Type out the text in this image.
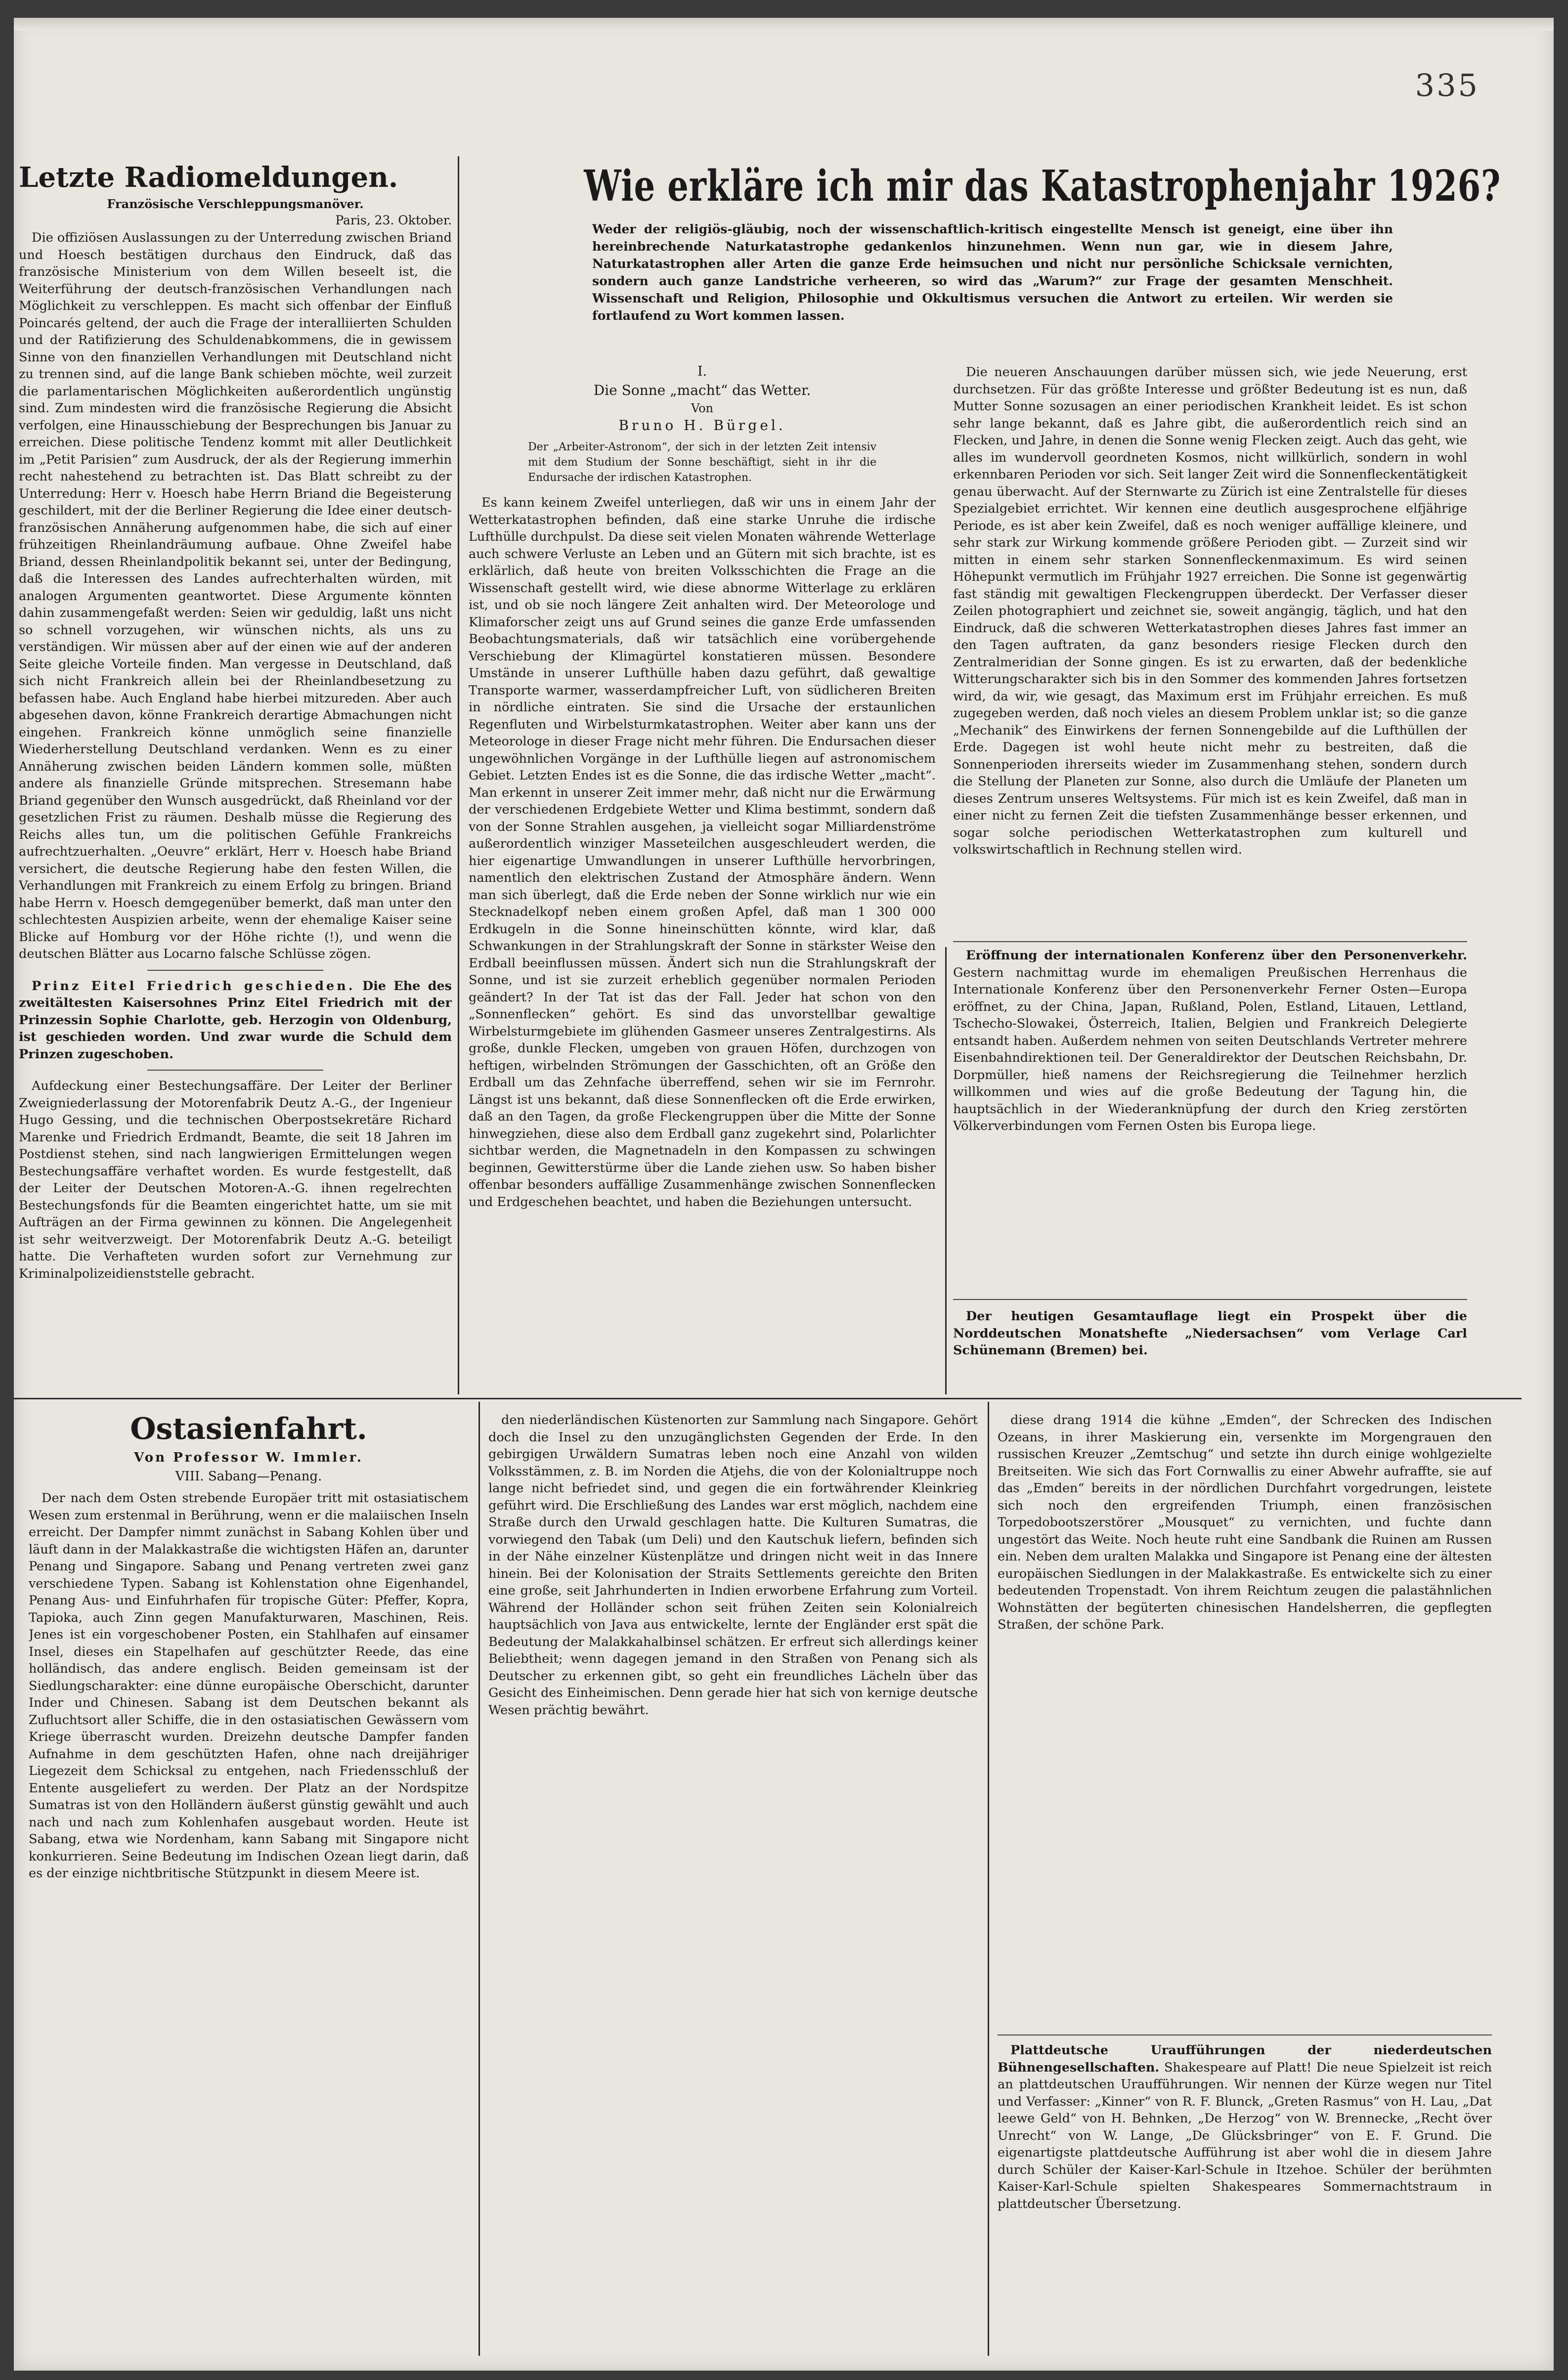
335
Letzte Radiomeldungen.
Französische Verschleppungsmanöver.
Paris, 23. Oktober.

Die offiziösen Auslassungen zu der Unterredung zwischen Briand und Hoesch bestätigen durchaus den Eindruck, daß das französische Ministerium von dem Willen beseelt ist, die Weiterführung der deutsch-französischen Verhandlungen nach Möglichkeit zu verschleppen. Es macht sich offenbar der Einfluß Poincarés geltend, der auch die Frage der interalliierten Schulden und der Ratifizierung des Schuldenabkommens, die in gewissem Sinne von den finanziellen Verhandlungen mit Deutschland nicht zu trennen sind, auf die lange Bank schieben möchte, weil zurzeit die parlamentarischen Möglichkeiten außerordentlich ungünstig sind. Zum mindesten wird die französische Regierung die Absicht verfolgen, eine Hinausschiebung der Besprechungen bis Januar zu erreichen. Diese politische Tendenz kommt mit aller Deutlichkeit im „Petit Parisien“ zum Ausdruck, der als der Regierung immerhin recht nahestehend zu betrachten ist. Das Blatt schreibt zu der Unterredung: Herr v. Hoesch habe Herrn Briand die Begeisterung geschildert, mit der die Berliner Regierung die Idee einer deutsch-französischen Annäherung aufgenommen habe, die sich auf einer frühzeitigen Rheinlandräumung aufbaue. Ohne Zweifel habe Briand, dessen Rheinlandpolitik bekannt sei, unter der Bedingung, daß die Interessen des Landes aufrechterhalten würden, mit analogen Argumenten geantwortet. Diese Argumente könnten dahin zusammengefaßt werden: Seien wir geduldig, laßt uns nicht so schnell vorzugehen, wir wünschen nichts, als uns zu verständigen. Wir müssen aber auf der einen wie auf der anderen Seite gleiche Vorteile finden. Man vergesse in Deutschland, daß sich nicht Frankreich allein bei der Rheinlandbesetzung zu befassen habe. Auch England habe hierbei mitzureden. Aber auch abgesehen davon, könne Frankreich derartige Abmachungen nicht eingehen. Frankreich könne unmöglich seine finanzielle Wiederherstellung Deutschland verdanken. Wenn es zu einer Annäherung zwischen beiden Ländern kommen solle, müßten andere als finanzielle Gründe mitsprechen. Stresemann habe Briand gegenüber den Wunsch ausgedrückt, daß Rheinland vor der gesetzlichen Frist zu räumen. Deshalb müsse die Regierung des Reichs alles tun, um die politischen Gefühle Frankreichs aufrechtzuerhalten. „Oeuvre“ erklärt, Herr v. Hoesch habe Briand versichert, die deutsche Regierung habe den festen Willen, die Verhandlungen mit Frankreich zu einem Erfolg zu bringen. Briand habe Herrn v. Hoesch demgegenüber bemerkt, daß man unter den schlechtesten Auspizien arbeite, wenn der ehemalige Kaiser seine Blicke auf Homburg vor der Höhe richte (!), und wenn die deutschen Blätter aus Locarno falsche Schlüsse zögen.

Prinz Eitel Friedrich geschieden. Die Ehe des zweitältesten Kaisersohnes Prinz Eitel Friedrich mit der Prinzessin Sophie Charlotte, geb. Herzogin von Oldenburg, ist geschieden worden. Und zwar wurde die Schuld dem Prinzen zugeschoben.

Aufdeckung einer Bestechungsaffäre. Der Leiter der Berliner Zweigniederlassung der Motorenfabrik Deutz A.-G., der Ingenieur Hugo Gessing, und die technischen Oberpostsekretäre Richard Marenke und Friedrich Erdmandt, Beamte, die seit 18 Jahren im Postdienst stehen, sind nach langwierigen Ermittelungen wegen Bestechungsaffäre verhaftet worden. Es wurde festgestellt, daß der Leiter der Deutschen Motoren-A.-G. ihnen regelrechten Bestechungsfonds für die Beamten eingerichtet hatte, um sie mit Aufträgen an der Firma gewinnen zu können. Die Angelegenheit ist sehr weitverzweigt. Der Motorenfabrik Deutz A.-G. beteiligt hatte. Die Verhafteten wurden sofort zur Vernehmung zur Kriminalpolizeidienststelle gebracht.

Wie erkläre ich mir das Katastrophenjahr 1926?

Weder der religiös-gläubig, noch der wissenschaftlich-kritisch eingestellte Mensch ist geneigt, eine über ihn hereinbrechende Naturkatastrophe gedankenlos hinzunehmen. Wenn nun gar, wie in diesem Jahre, Naturkatastrophen aller Arten die ganze Erde heimsuchen und nicht nur persönliche Schicksale vernichten, sondern auch ganze Landstriche verheeren, so wird das „Warum?“ zur Frage der gesamten Menschheit. Wissenschaft und Religion, Philosophie und Okkultismus versuchen die Antwort zu erteilen. Wir werden sie fortlaufend zu Wort kommen lassen.

I.
Die Sonne „macht“ das Wetter.
Von
Bruno H. Bürgel.
Der „Arbeiter-Astronom“, der sich in der letzten Zeit intensiv mit dem Studium der Sonne beschäftigt, sieht in ihr die Endursache der irdischen Katastrophen.

Es kann keinem Zweifel unterliegen, daß wir uns in einem Jahr der Wetterkatastrophen befinden, daß eine starke Unruhe die irdische Lufthülle durchpulst. Da diese seit vielen Monaten währende Wetterlage auch schwere Verluste an Leben und an Gütern mit sich brachte, ist es erklärlich, daß heute von breiten Volksschichten die Frage an die Wissenschaft gestellt wird, wie diese abnorme Witterlage zu erklären ist, und ob sie noch längere Zeit anhalten wird. Der Meteorologe und Klimaforscher zeigt uns auf Grund seines die ganze Erde umfassenden Beobachtungsmaterials, daß wir tatsächlich eine vorübergehende Verschiebung der Klimagürtel konstatieren müssen. Besondere Umstände in unserer Lufthülle haben dazu geführt, daß gewaltige Transporte warmer, wasserdampfreicher Luft, von südlicheren Breiten in nördliche eintraten. Sie sind die Ursache der erstaunlichen Regenfluten und Wirbelsturmkatastrophen. Weiter aber kann uns der Meteorologe in dieser Frage nicht mehr führen. Die Endursachen dieser ungewöhnlichen Vorgänge in der Lufthülle liegen auf astronomischem Gebiet. Letzten Endes ist es die Sonne, die das irdische Wetter „macht“. Man erkennt in unserer Zeit immer mehr, daß nicht nur die Erwärmung der verschiedenen Erdgebiete Wetter und Klima bestimmt, sondern daß von der Sonne Strahlen ausgehen, ja vielleicht sogar Milliardenströme außerordentlich winziger Masseteilchen ausgeschleudert werden, die hier eigenartige Umwandlungen in unserer Lufthülle hervorbringen, namentlich den elektrischen Zustand der Atmosphäre ändern. Wenn man sich überlegt, daß die Erde neben der Sonne wirklich nur wie ein Stecknadelkopf neben einem großen Apfel, daß man 1 300 000 Erdkugeln in die Sonne hineinschütten könnte, wird klar, daß Schwankungen in der Strahlungskraft der Sonne in stärkster Weise den Erdball beeinflussen müssen. Ändert sich nun die Strahlungskraft der Sonne, und ist sie zurzeit erheblich gegenüber normalen Perioden geändert? In der Tat ist das der Fall. Jeder hat schon von den „Sonnenflecken“ gehört. Es sind das unvorstellbar gewaltige Wirbelsturmgebiete im glühenden Gasmeer unseres Zentralgestirns. Als große, dunkle Flecken, umgeben von grauen Höfen, durchzogen von heftigen, wirbelnden Strömungen der Gasschichten, oft an Größe den Erdball um das Zehnfache überreffend, sehen wir sie im Fernrohr. Längst ist uns bekannt, daß diese Sonnenflecken oft die Erde erwirken, daß an den Tagen, da große Fleckengruppen über die Mitte der Sonne hinwegziehen, diese also dem Erdball ganz zugekehrt sind, Polarlichter sichtbar werden, die Magnetnadeln in den Kompassen zu schwingen beginnen, Gewitterstürme über die Lande ziehen usw. So haben bisher offenbar besonders auffällige Zusammenhänge zwischen Sonnenflecken und Erdgeschehen beachtet, und haben die Beziehungen untersucht.

Die neueren Anschauungen darüber müssen sich, wie jede Neuerung, erst durchsetzen. Für das größte Interesse und größter Bedeutung ist es nun, daß Mutter Sonne sozusagen an einer periodischen Krankheit leidet. Es ist schon sehr lange bekannt, daß es Jahre gibt, die außerordentlich reich sind an Flecken, und Jahre, in denen die Sonne wenig Flecken zeigt. Auch das geht, wie alles im wundervoll geordneten Kosmos, nicht willkürlich, sondern in wohl erkennbaren Perioden vor sich. Seit langer Zeit wird die Sonnenfleckentätigkeit genau überwacht. Auf der Sternwarte zu Zürich ist eine Zentralstelle für dieses Spezialgebiet errichtet. Wir kennen eine deutlich ausgesprochene elfjährige Periode, es ist aber kein Zweifel, daß es noch weniger auffällige kleinere, und sehr stark zur Wirkung kommende größere Perioden gibt. — Zurzeit sind wir mitten in einem sehr starken Sonnenfleckenmaximum. Es wird seinen Höhepunkt vermutlich im Frühjahr 1927 erreichen. Die Sonne ist gegenwärtig fast ständig mit gewaltigen Fleckengruppen überdeckt. Der Verfasser dieser Zeilen photographiert und zeichnet sie, soweit angängig, täglich, und hat den Eindruck, daß die schweren Wetterkatastrophen dieses Jahres fast immer an den Tagen auftraten, da ganz besonders riesige Flecken durch den Zentralmeridian der Sonne gingen. Es ist zu erwarten, daß der bedenkliche Witterungscharakter sich bis in den Sommer des kommenden Jahres fortsetzen wird, da wir, wie gesagt, das Maximum erst im Frühjahr erreichen. Es muß zugegeben werden, daß noch vieles an diesem Problem unklar ist; so die ganze „Mechanik“ des Einwirkens der fernen Sonnengebilde auf die Lufthüllen der Erde. Dagegen ist wohl heute nicht mehr zu bestreiten, daß die Sonnenperioden ihrerseits wieder im Zusammenhang stehen, sondern durch die Stellung der Planeten zur Sonne, also durch die Umläufe der Planeten um dieses Zentrum unseres Weltsystems. Für mich ist es kein Zweifel, daß man in einer nicht zu fernen Zeit die tiefsten Zusammenhänge besser erkennen, und sogar solche periodischen Wetterkatastrophen zum kulturell und volkswirtschaftlich in Rechnung stellen wird.

Eröffnung der internationalen Konferenz über den Personenverkehr. Gestern nachmittag wurde im ehemaligen Preußischen Herrenhaus die Internationale Konferenz über den Personenverkehr Ferner Osten—Europa eröffnet, zu der China, Japan, Rußland, Polen, Estland, Litauen, Lettland, Tschecho-Slowakei, Österreich, Italien, Belgien und Frankreich Delegierte entsandt haben. Außerdem nehmen von seiten Deutschlands Vertreter mehrere Eisenbahndirektionen teil. Der Generaldirektor der Deutschen Reichsbahn, Dr. Dorpmüller, hieß namens der Reichsregierung die Teilnehmer herzlich willkommen und wies auf die große Bedeutung der Tagung hin, die hauptsächlich in der Wiederanknüpfung der durch den Krieg zerstörten Völkerverbindungen vom Fernen Osten bis Europa liege.

Der heutigen Gesamtauflage liegt ein Prospekt über die Norddeutschen Monatshefte „Niedersachsen“ vom Verlage Carl Schünemann (Bremen) bei.

Ostasienfahrt.
Von Professor W. Immler.
VIII. Sabang—Penang.

Der nach dem Osten strebende Europäer tritt mit ostasiatischem Wesen zum erstenmal in Berührung, wenn er die malaiischen Inseln erreicht. Der Dampfer nimmt zunächst in Sabang Kohlen über und läuft dann in der Malakkastraße die wichtigsten Häfen an, darunter Penang und Singapore. Sabang und Penang vertreten zwei ganz verschiedene Typen. Sabang ist Kohlenstation ohne Eigenhandel, Penang Aus- und Einfuhrhafen für tropische Güter: Pfeffer, Kopra, Tapioka, auch Zinn gegen Manufakturwaren, Maschinen, Reis. Jenes ist ein vorgeschobener Posten, ein Stahlhafen auf einsamer Insel, dieses ein Stapelhafen auf geschützter Reede, das eine holländisch, das andere englisch. Beiden gemeinsam ist der Siedlungscharakter: eine dünne europäische Oberschicht, darunter Inder und Chinesen. Sabang ist dem Deutschen bekannt als Zufluchtsort aller Schiffe, die in den ostasiatischen Gewässern vom Kriege überrascht wurden. Dreizehn deutsche Dampfer fanden Aufnahme in dem geschützten Hafen, ohne nach dreijähriger Liegezeit dem Schicksal zu entgehen, nach Friedensschluß der Entente ausgeliefert zu werden. Der Platz an der Nordspitze Sumatras ist von den Holländern äußerst günstig gewählt und auch nach und nach zum Kohlenhafen ausgebaut worden. Heute ist Sabang, etwa wie Nordenham, kann Sabang mit Singapore nicht konkurrieren. Seine Bedeutung im Indischen Ozean liegt darin, daß es der einzige nichtbritische Stützpunkt in diesem Meere ist.

den niederländischen Küstenorten zur Sammlung nach Singapore. Gehört doch die Insel zu den unzugänglichsten Gegenden der Erde. In den gebirgigen Urwäldern Sumatras leben noch eine Anzahl von wilden Volksstämmen, z. B. im Norden die Atjehs, die von der Kolonialtruppe noch lange nicht befriedet sind, und gegen die ein fortwährender Kleinkrieg geführt wird. Die Erschließung des Landes war erst möglich, nachdem eine Straße durch den Urwald geschlagen hatte. Die Kulturen Sumatras, die vorwiegend den Tabak (um Deli) und den Kautschuk liefern, befinden sich in der Nähe einzelner Küstenplätze und dringen nicht weit in das Innere hinein. Bei der Kolonisation der Straits Settlements gereichte den Briten eine große, seit Jahrhunderten in Indien erworbene Erfahrung zum Vorteil. Während der Holländer schon seit frühen Zeiten sein Kolonialreich hauptsächlich von Java aus entwickelte, lernte der Engländer erst spät die Bedeutung der Malakkahalbinsel schätzen. Er erfreut sich allerdings keiner Beliebtheit; wenn dagegen jemand in den Straßen von Penang sich als Deutscher zu erkennen gibt, so geht ein freundliches Lächeln über das Gesicht des Einheimischen. Denn gerade hier hat sich von kernige deutsche Wesen prächtig bewährt.

diese drang 1914 die kühne „Emden“, der Schrecken des Indischen Ozeans, in ihrer Maskierung ein, versenkte im Morgengrauen den russischen Kreuzer „Zemtschug“ und setzte ihn durch einige wohlgezielte Breitseiten. Wie sich das Fort Cornwallis zu einer Abwehr aufraffte, sie auf das „Emden“ bereits in der nördlichen Durchfahrt vorgedrungen, leistete sich noch den ergreifenden Triumph, einen französischen Torpedobootszerstörer „Mousquet“ zu vernichten, und fuchte dann ungestört das Weite. Noch heute ruht eine Sandbank die Ruinen am Russen ein. Neben dem uralten Malakka und Singapore ist Penang eine der ältesten europäischen Siedlungen in der Malakkastraße. Es entwickelte sich zu einer bedeutenden Tropenstadt. Von ihrem Reichtum zeugen die palastähnlichen Wohnstätten der begüterten chinesischen Handelsherren, die gepflegten Straßen, der schöne Park.

Plattdeutsche Uraufführungen der niederdeutschen Bühnengesellschaften. Shakespeare auf Platt! Die neue Spielzeit ist reich an plattdeutschen Uraufführungen. Wir nennen der Kürze wegen nur Titel und Verfasser: „Kinner“ von R. F. Blunck, „Greten Rasmus“ von H. Lau, „Dat leewe Geld“ von H. Behnken, „De Herzog“ von W. Brennecke, „Recht över Unrecht“ von W. Lange, „De Glücksbringer“ von E. F. Grund. Die eigenartigste plattdeutsche Aufführung ist aber wohl die in diesem Jahre durch Schüler der Kaiser-Karl-Schule in Itzehoe. Schüler der berühmten Kaiser-Karl-Schule spielten Shakespeares Sommernachtstraum in plattdeutscher Übersetzung.
